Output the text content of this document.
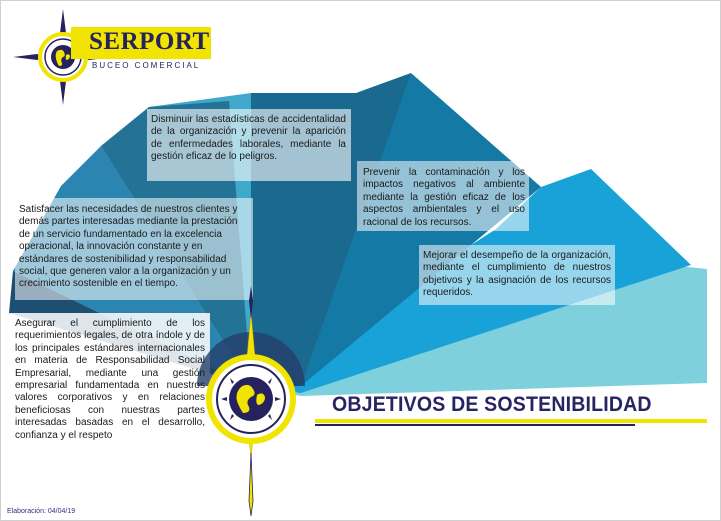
SERPORT
BUCEO COMERCIAL
Asegurar el cumplimiento de los requerimientos legales, de otra índole y de los principales estándares internacionales en materia de Responsabilidad Social Empresarial, mediante una gestión empresarial fundamentada en nuestros valores corporativos y en relaciones beneficiosas con nuestras partes interesadas basadas en el desarrollo, confianza y el respeto
Satisfacer las necesidades de nuestros clientes y demás partes interesadas mediante la prestación de un servicio fundamentado en la excelencia operacional, la innovación constante y en estándares de sostenibilidad y responsabilidad social, que generen valor a la organización y un crecimiento sostenible en el tiempo.
Disminuir las estadísticas de accidentalidad de la organización y prevenir la aparición de enfermedades laborales, mediante la gestión eficaz de lo peligros.
Prevenir la contaminación y los impactos negativos al ambiente mediante la gestión eficaz de los aspectos ambientales y el uso racional de los recursos.
Mejorar el desempeño de la organización, mediante el cumplimiento de nuestros objetivos y la asignación de los recursos requeridos.
OBJETIVOS DE SOSTENIBILIDAD
Elaboración: 04/04/19
